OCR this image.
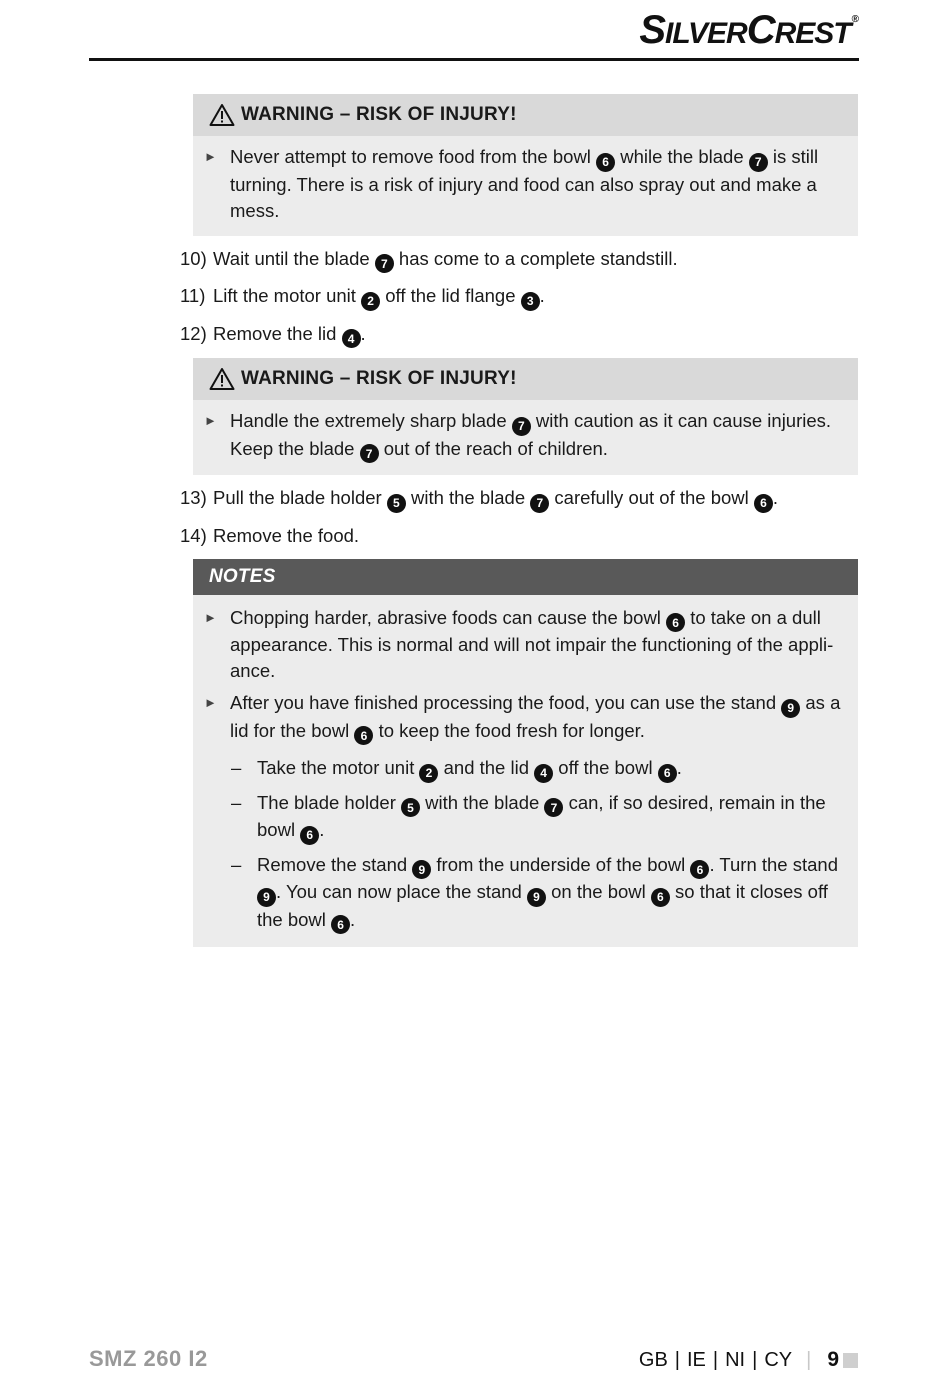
SILVERCREST®
WARNING – RISK OF INJURY!
► Never attempt to remove food from the bowl 6 while the blade 7 is still turning. There is a risk of injury and food can also spray out and make a mess.
10) Wait until the blade 7 has come to a complete standstill.
11) Lift the motor unit 2 off the lid flange 3 .
12) Remove the lid 4 .
WARNING – RISK OF INJURY!
► Handle the extremely sharp blade 7 with caution as it can cause injuries. Keep the blade 7 out of the reach of children.
13) Pull the blade holder 5 with the blade 7 carefully out of the bowl 6 .
14) Remove the food.
NOTES
► Chopping harder, abrasive foods can cause the bowl 6 to take on a dull appearance. This is normal and will not impair the functioning of the appli-ance.
► After you have finished processing the food, you can use the stand 9 as a lid for the bowl 6 to keep the food fresh for longer.
– Take the motor unit 2 and the lid 4 off the bowl 6 .
– The blade holder 5 with the blade 7 can, if so desired, remain in the bowl 6 .
– Remove the stand 9 from the underside of the bowl 6 . Turn the stand 9 . You can now place the stand 9 on the bowl 6 so that it closes off the bowl 6 .
SMZ 260 I2	GB | IE | NI | CY | 9
